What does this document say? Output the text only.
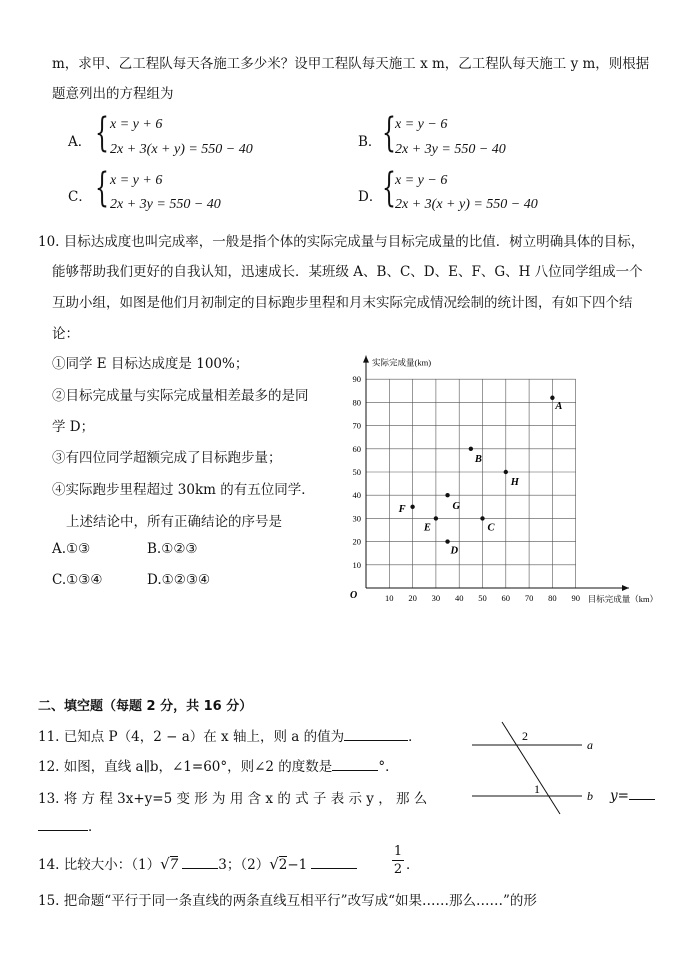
m，求甲、乙工程队每天各施工多少米？设甲工程队每天施工 x m，乙工程队每天施工 y m，则根据
题意列出的方程组为
A． { x = y + 6
2x + 3(x + y) = 550 − 40	B． { x = y − 6
2x + 3y = 550 − 40
C． { x = y + 6
2x + 3y = 550 − 40	D． { x = y − 6
2x + 3(x + y) = 550 − 40
10. 目标达成度也叫完成率，一般是指个体的实际完成量与目标完成量的比值．树立明确具体的目标，
能够帮助我们更好的自我认知，迅速成长．某班级 A、B、C、D、E、F、G、H 八位同学组成一个
互助小组，如图是他们月初制定的目标跑步里程和月末实际完成情况绘制的统计图，有如下四个结
论：
①同学 E 目标达成度是 100%；
②目标完成量与实际完成量相差最多的是同
学 D；
③有四位同学超额完成了目标跑步量；
④实际跑步里程超过 30km 的有五位同学．
上述结论中，所有正确结论的序号是
A.①③	B.①②③
C.①③④	D.①②③④
10 20 30 40 50 60 70 80 90
10
20
30
40
50
60
70
80
90
A
B
C
D
E
F	G
H
实际完成量(km)
目标完成量（km）
O
二、填空题（每题 2 分，共 16 分）
11. 已知点 P（4，2 − a）在 x 轴上，则 a 的值为	．
12. 如图，直线 a∥b，∠1=60°，则∠2 的度数是	°．
13. 将 方 程 3x+y=5 变 形 为 用 含 x 的 式 子 表 示 y ， 那 么	y=
．
14. 比较大小：（1）√7	3；（2）√2−1	$\frac{1}{2}$ ．
15. 把命题“平行于同一条直线的两条直线互相平行”改写成“如果……那么……”的形
a
b
2
1
